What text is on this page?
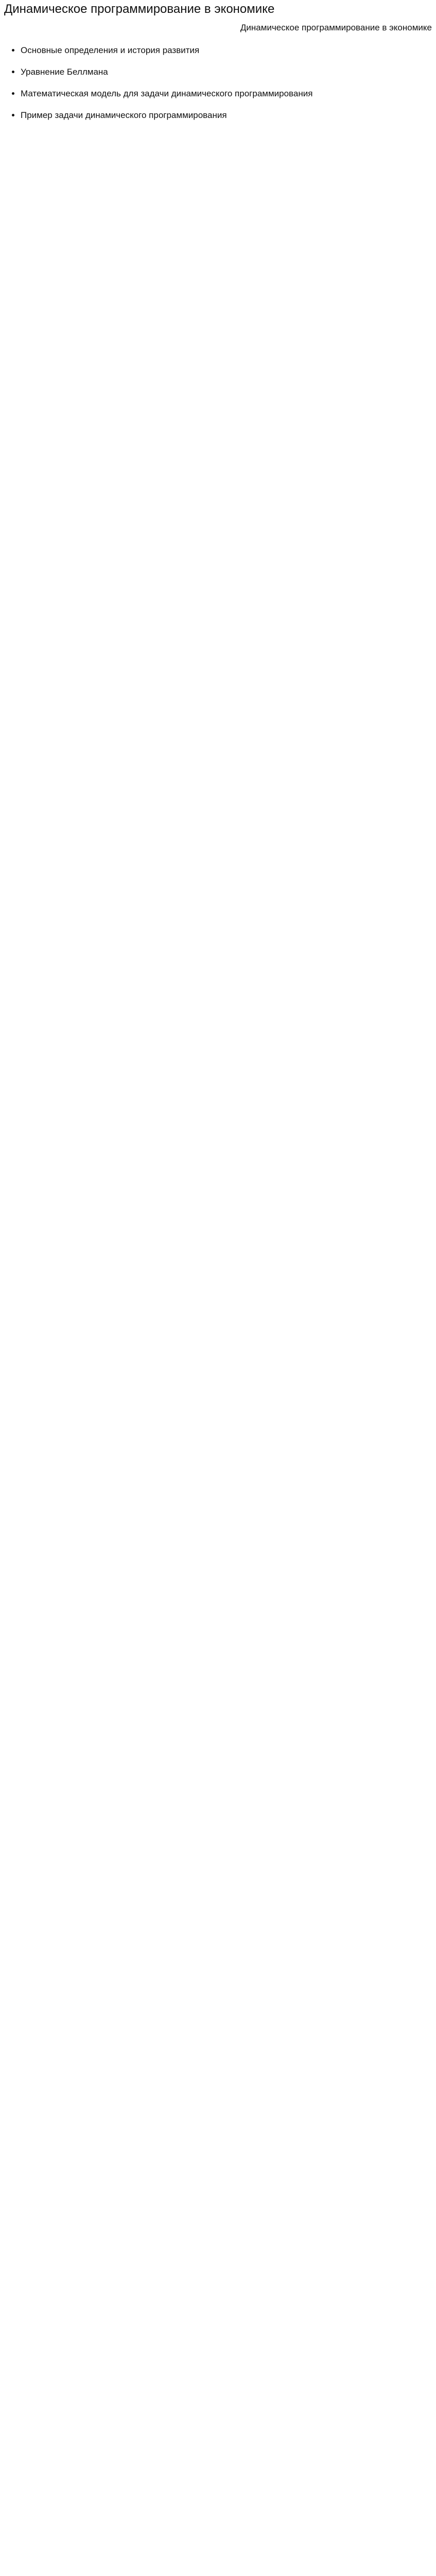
Динамическое программирование в экономике
Динамическое программирование в экономике
• Основные определения и история развития
• Уравнение Беллмана
• Математическая модель для задачи динамического программирования
• Пример задачи динамического программирования
